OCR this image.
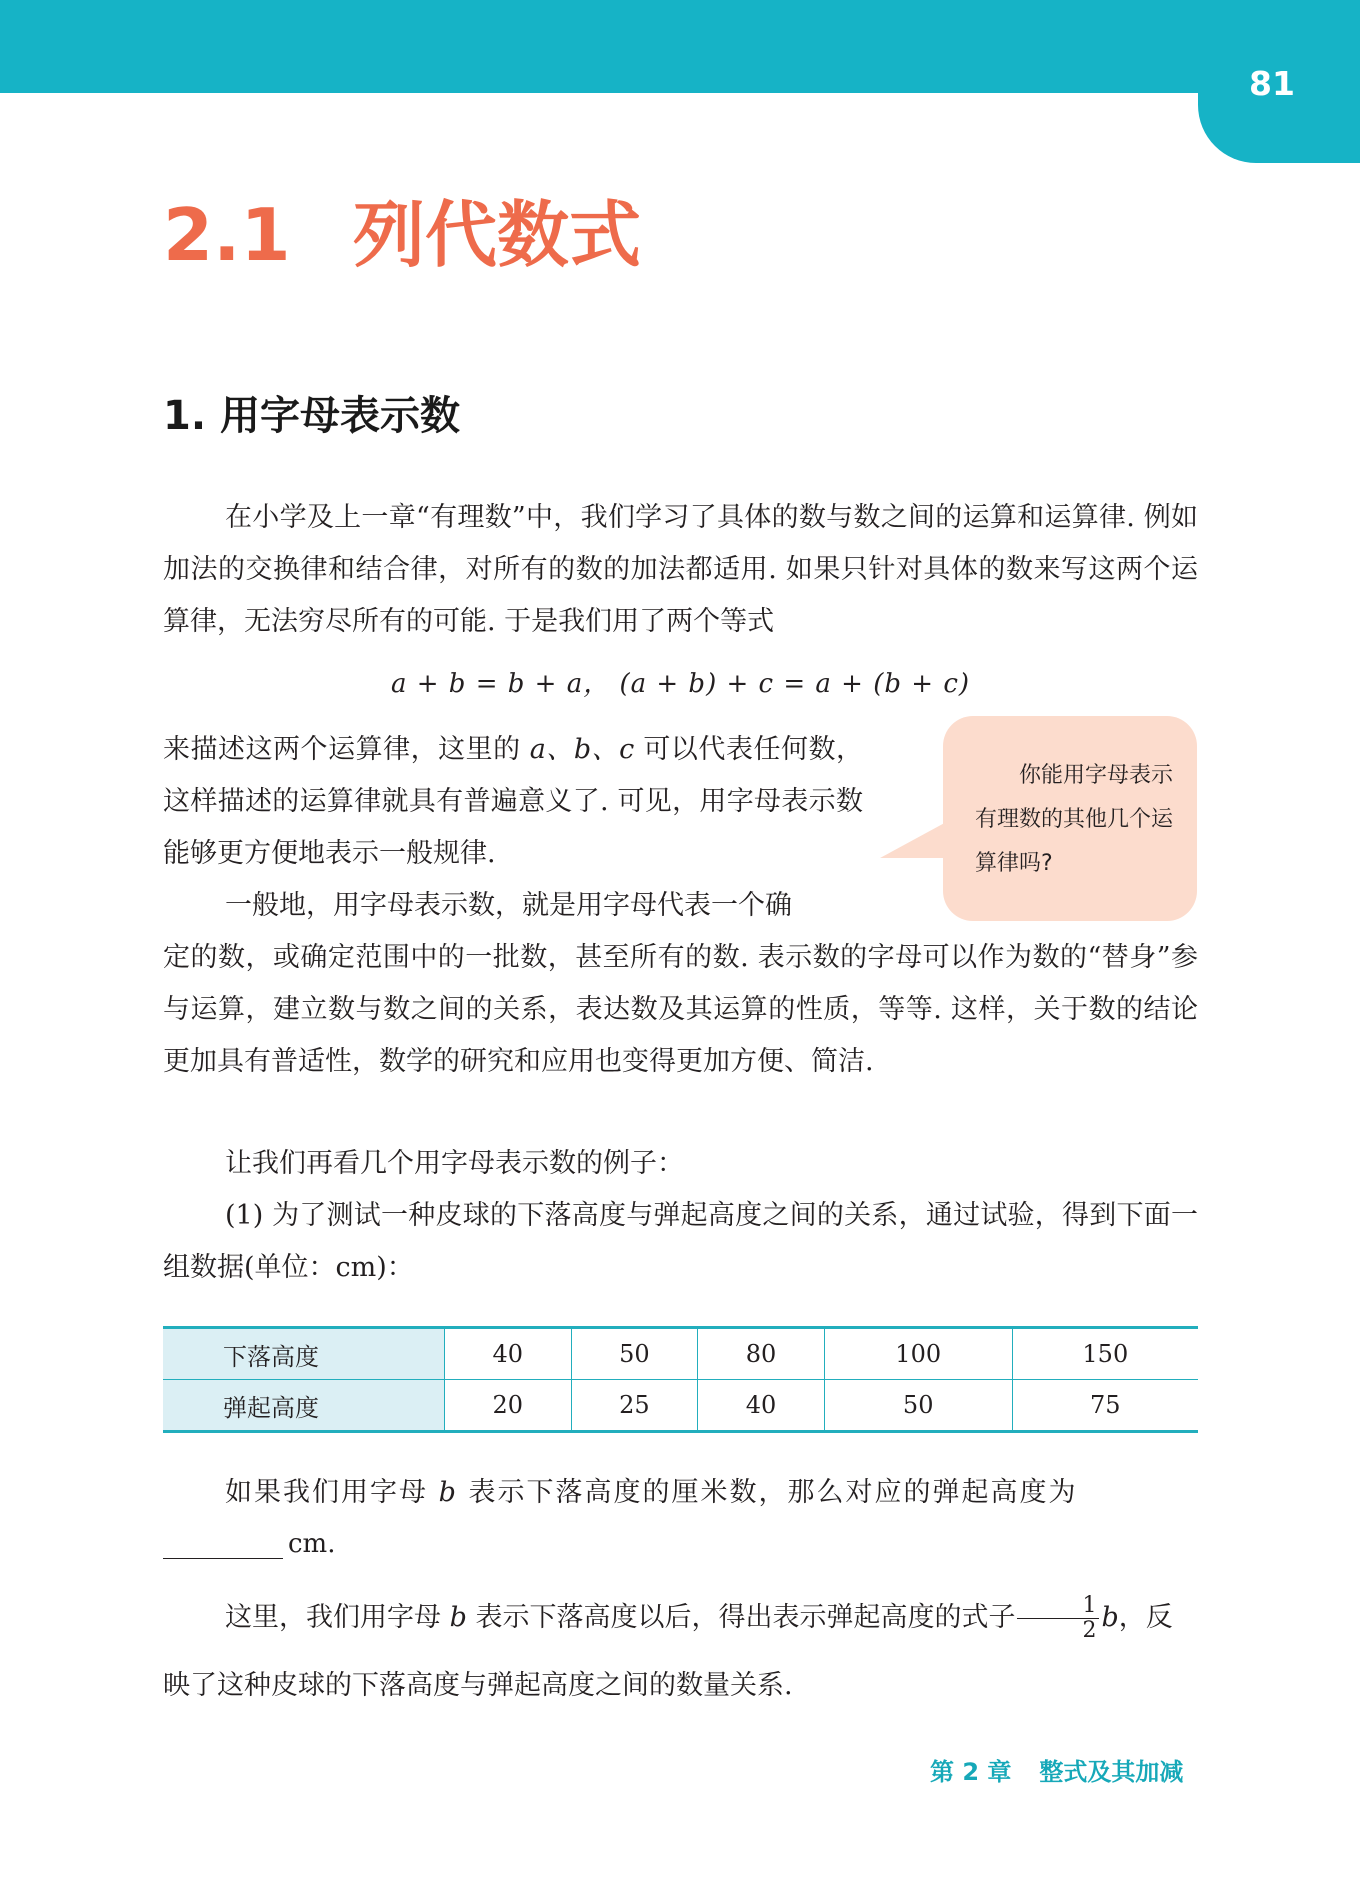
81
2.1 列代数式
1. 用字母表示数

在小学及上一章“有理数”中，我们学习了具体的数与数之间的运算和运算律. 例如加法的交换律和结合律，对所有的数的加法都适用. 如果只针对具体的数来写这两个运算律，无法穷尽所有的可能. 于是我们用了两个等式

a + b = b + a， (a + b) + c = a + (b + c)

来描述这两个运算律，这里的 a、b、c 可以代表任何数，这样描述的运算律就具有普遍意义了. 可见，用字母表示数能够更方便地表示一般规律.

你能用字母表示有理数的其他几个运算律吗?

一般地，用字母表示数，就是用字母代表一个确
定的数，或确定范围中的一批数，甚至所有的数. 表示数的字母可以作为数的“替身”参与运算，建立数与数之间的关系，表达数及其运算的性质，等等. 这样，关于数的结论更加具有普适性，数学的研究和应用也变得更加方便、简洁.

让我们再看几个用字母表示数的例子：

(1) 为了测试一种皮球的下落高度与弹起高度之间的关系，通过试验，得到下面一组数据(单位：cm)：

下落高度	40	50	80	100	150
弹起高度	20	25	40	50	75

如果我们用字母 b 表示下落高度的厘米数，那么对应的弹起高度为

cm.

这里，我们用字母 b 表示下落高度以后，得出表示弹起高度的式子 $\frac{1}{2}$ b，反

映了这种皮球的下落高度与弹起高度之间的数量关系.

第 2 章 整式及其加减
